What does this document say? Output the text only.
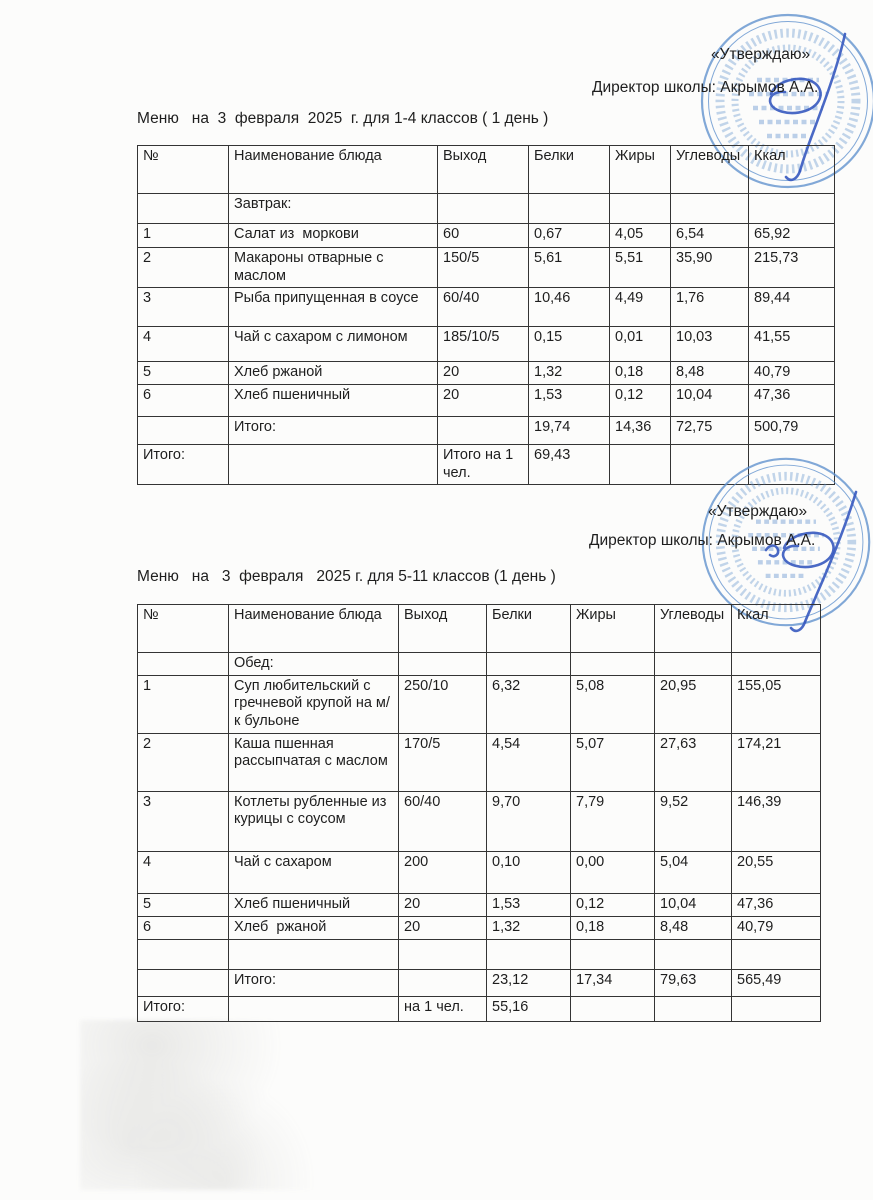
«Утверждаю»
Директор школы: Акрымов А.А.
Меню   на  3  февраля  2025  г. для 1-4 классов ( 1 день )
№	Наименование блюда	Выход	Белки	Жиры	Углеводы	Ккал
	Завтрак:					
1	Салат из  моркови	60	0,67	4,05	6,54	65,92
2	Макароны отварные с маслом	150/5	5,61	5,51	35,90	215,73
3	Рыба припущенная в соусе	60/40	10,46	4,49	1,76	89,44
4	Чай с сахаром с лимоном	185/10/5	0,15	0,01	10,03	41,55
5	Хлеб ржаной	20	1,32	0,18	8,48	40,79
6	Хлеб пшеничный	20	1,53	0,12	10,04	47,36
	Итого:		19,74	14,36	72,75	500,79
Итого:		Итого на 1 чел.	69,43			
«Утверждаю»
Директор школы: Акрымов А.А.
Меню   на   3  февраля   2025 г. для 5-11 классов (1 день )
№	Наименование блюда	Выход	Белки	Жиры	Углеводы	Ккал
	Обед:					
1	Суп любительский с гречневой крупой на м/к бульоне	250/10	6,32	5,08	20,95	155,05
2	Каша пшенная рассыпчатая с маслом	170/5	4,54	5,07	27,63	174,21
3	Котлеты рубленные из курицы с соусом	60/40	9,70	7,79	9,52	146,39
4	Чай с сахаром	200	0,10	0,00	5,04	20,55
5	Хлеб пшеничный	20	1,53	0,12	10,04	47,36
6	Хлеб  ржаной	20	1,32	0,18	8,48	40,79

	Итого:		23,12	17,34	79,63	565,49
Итого:		на 1 чел.	55,16			
